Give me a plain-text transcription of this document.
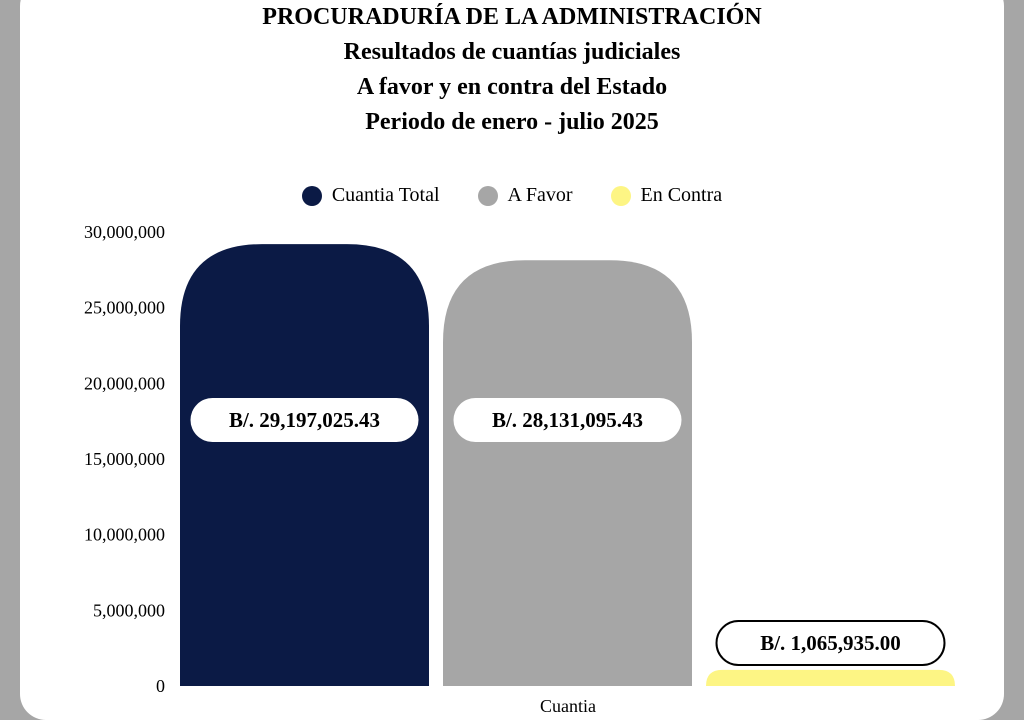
PROCURADURÍA DE LA ADMINISTRACIÓN
Resultados de cuantías judiciales
A favor y en contra del Estado
Periodo de enero - julio 2025
Cuantia Total	A Favor	En Contra
0
5,000,000
10,000,000
15,000,000
20,000,000
25,000,000
30,000,000
B/. 29,197,025.43	B/. 28,131,095.43
B/. 1,065,935.00
Cuantia
